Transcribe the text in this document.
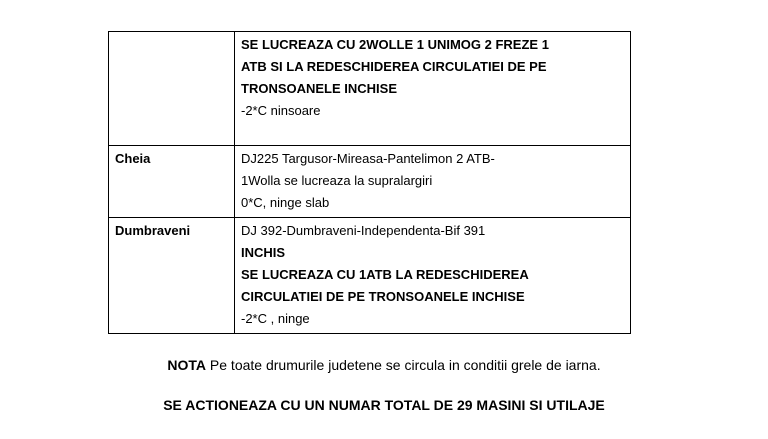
	SE LUCREAZA CU 2WOLLE 1 UNIMOG 2 FREZE 1
ATB SI LA REDESCHIDEREA CIRCULATIEI DE PE
TRONSOANELE INCHISE
-2*C ninsoare

Cheia	DJ225 Targusor-Mireasa-Pantelimon 2 ATB-
1Wolla se lucreaza la supralargiri
0*C, ninge slab

Dumbraveni	DJ 392-Dumbraveni-Independenta-Bif 391
INCHIS
SE LUCREAZA CU 1ATB LA REDESCHIDEREA
CIRCULATIEI DE PE TRONSOANELE INCHISE
-2*C , ninge
NOTA Pe toate drumurile judetene se circula in conditii grele de iarna.
SE ACTIONEAZA CU UN NUMAR TOTAL DE 29 MASINI SI UTILAJE
